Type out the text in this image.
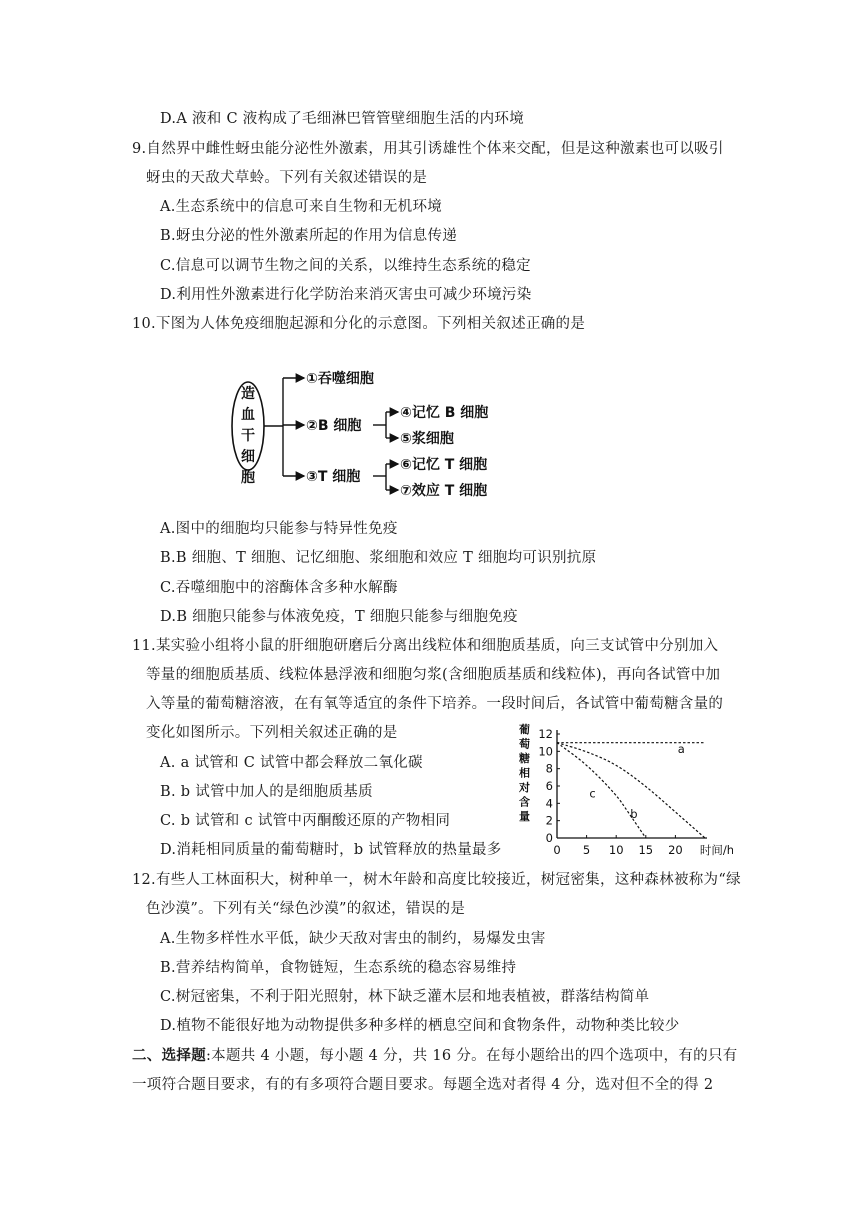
D.A 液和 C 液构成了毛细淋巴管管壁细胞生活的内环境
9.自然界中雌性蚜虫能分泌性外激素，用其引诱雄性个体来交配，但是这种激素也可以吸引
蚜虫的天敌犬草蛉。下列有关叙述错误的是
A.生态系统中的信息可来自生物和无机环境
B.蚜虫分泌的性外激素所起的作用为信息传递
C.信息可以调节生物之间的关系，以维持生态系统的稳定
D.利用性外激素进行化学防治来消灭害虫可减少环境污染
10.下图为人体免疫细胞起源和分化的示意图。下列相关叙述正确的是
造血干细胞
①吞噬细胞
②B 细胞
④记忆 B 细胞
⑤浆细胞
③T 细胞
⑥记忆 T 细胞
⑦效应 T 细胞
A.图中的细胞均只能参与特异性免疫
B.B 细胞、T 细胞、记忆细胞、浆细胞和效应 T 细胞均可识别抗原
C.吞噬细胞中的溶酶体含多种水解酶
D.B 细胞只能参与体液免疫，T 细胞只能参与细胞免疫
11.某实验小组将小鼠的肝细胞研磨后分离出线粒体和细胞质基质，向三支试管中分别加入
等量的细胞质基质、线粒体悬浮液和细胞匀浆(含细胞质基质和线粒体)，再向各试管中加
入等量的葡萄糖溶液，在有氧等适宜的条件下培养。一段时间后，各试管中葡萄糖含量的
变化如图所示。下列相关叙述正确的是
A. a 试管和 C 试管中都会释放二氧化碳
B. b 试管中加人的是细胞质基质
C. b 试管和 c 试管中丙酮酸还原的产物相同
D.消耗相同质量的葡萄糖时，b 试管释放的热量最多
葡
萄
糖
相
对
含
量
a
b
c
0
2
4
6
8
10
12
0 5 10 15 20 时间/h
12.有些人工林面积大，树种单一，树木年龄和高度比较接近，树冠密集，这种森林被称为“绿
色沙漠”。下列有关“绿色沙漠”的叙述，错误的是
A.生物多样性水平低，缺少天敌对害虫的制约，易爆发虫害
B.营养结构简单，食物链短，生态系统的稳态容易维持
C.树冠密集，不利于阳光照射，林下缺乏灌木层和地表植被，群落结构简单
D.植物不能很好地为动物提供多种多样的栖息空间和食物条件，动物种类比较少
二、选择题:本题共 4 小题，每小题 4 分，共 16 分。在每小题给出的四个选项中，有的只有
一项符合题目要求，有的有多项符合题目要求。每题全选对者得 4 分，选对但不全的得 2
